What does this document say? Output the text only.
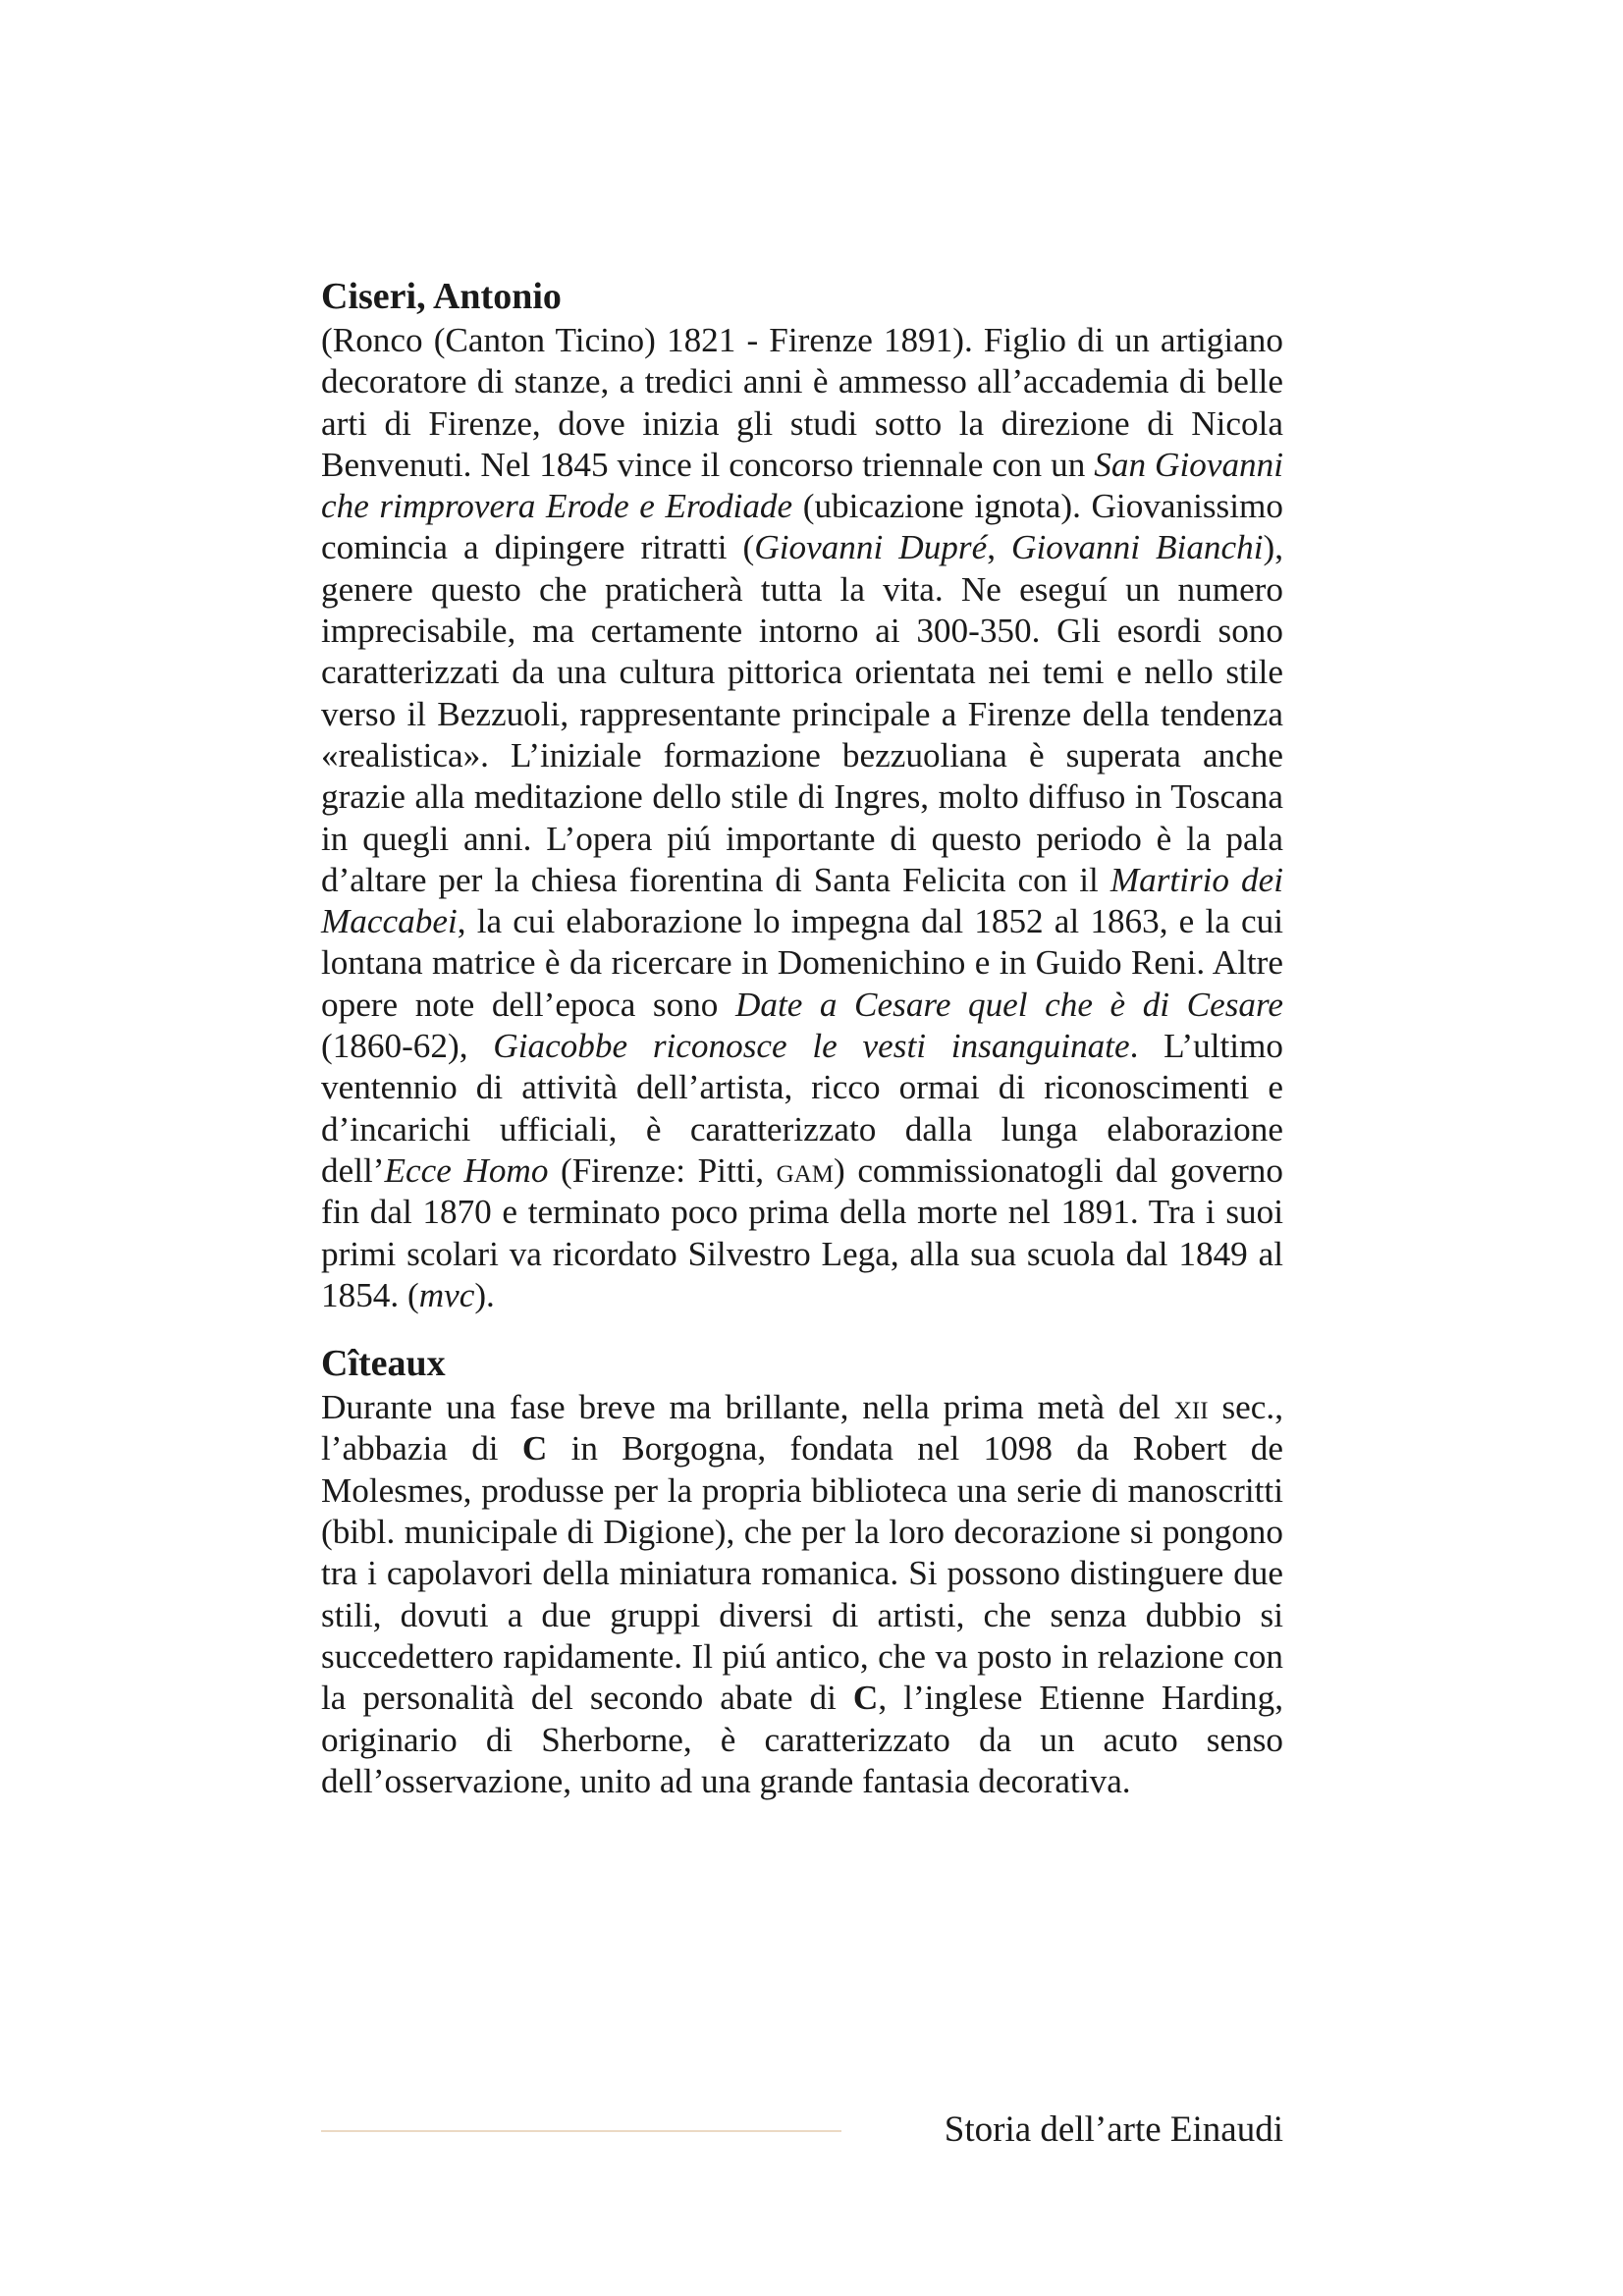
Ciseri, Antonio

(Ronco (Canton Ticino) 1821 - Firenze 1891). Figlio di un artigiano decoratore di stanze, a tredici anni è ammesso all’accademia di belle arti di Firenze, dove inizia gli studi sotto la direzione di Nicola Benvenuti. Nel 1845 vince il concorso triennale con un San Giovanni che rimprovera Erode e Erodiade (ubicazione ignota). Giovanissimo comincia a dipingere ritratti (Giovanni Dupré, Giovanni Bianchi), genere questo che praticherà tutta la vita. Ne eseguí un numero imprecisabile, ma certamente intorno ai 300-350. Gli esordi sono caratterizzati da una cultura pittorica orientata nei temi e nello stile verso il Bezzuoli, rappresentante principale a Firenze della tendenza «realistica». L’iniziale formazione bezzuoliana è superata anche grazie alla meditazione dello stile di Ingres, molto diffuso in Toscana in quegli anni. L’opera piú importante di questo periodo è la pala d’altare per la chiesa fiorentina di Santa Felicita con il Martirio dei Maccabei, la cui elaborazione lo impegna dal 1852 al 1863, e la cui lontana matrice è da ricercare in Domenichino e in Guido Reni. Altre opere note dell’epoca sono Date a Cesare quel che è di Cesare (1860-62), Giacobbe riconosce le vesti insanguinate. L’ultimo ventennio di attività dell’artista, ricco ormai di riconoscimenti e d’incarichi ufficiali, è caratterizzato dalla lunga elaborazione dell’Ecce Homo (Firenze: Pitti, gam) commissionatogli dal governo fin dal 1870 e terminato poco prima della morte nel 1891. Tra i suoi primi scolari va ricordato Silvestro Lega, alla sua scuola dal 1849 al 1854. (mvc).

Cîteaux

Durante una fase breve ma brillante, nella prima metà del xii sec., l’abbazia di C in Borgogna, fondata nel 1098 da Robert de Molesmes, produsse per la propria biblioteca una serie di manoscritti (bibl. municipale di Digione), che per la loro decorazione si pongono tra i capolavori della miniatura romanica. Si possono distinguere due stili, dovuti a due gruppi diversi di artisti, che senza dubbio si succedettero rapidamente. Il piú antico, che va posto in relazione con la personalità del secondo abate di C, l’inglese Etienne Harding, originario di Sherborne, è caratterizzato da un acuto senso dell’osservazione, unito ad una grande fantasia decorativa.

Storia dell’arte Einaudi
